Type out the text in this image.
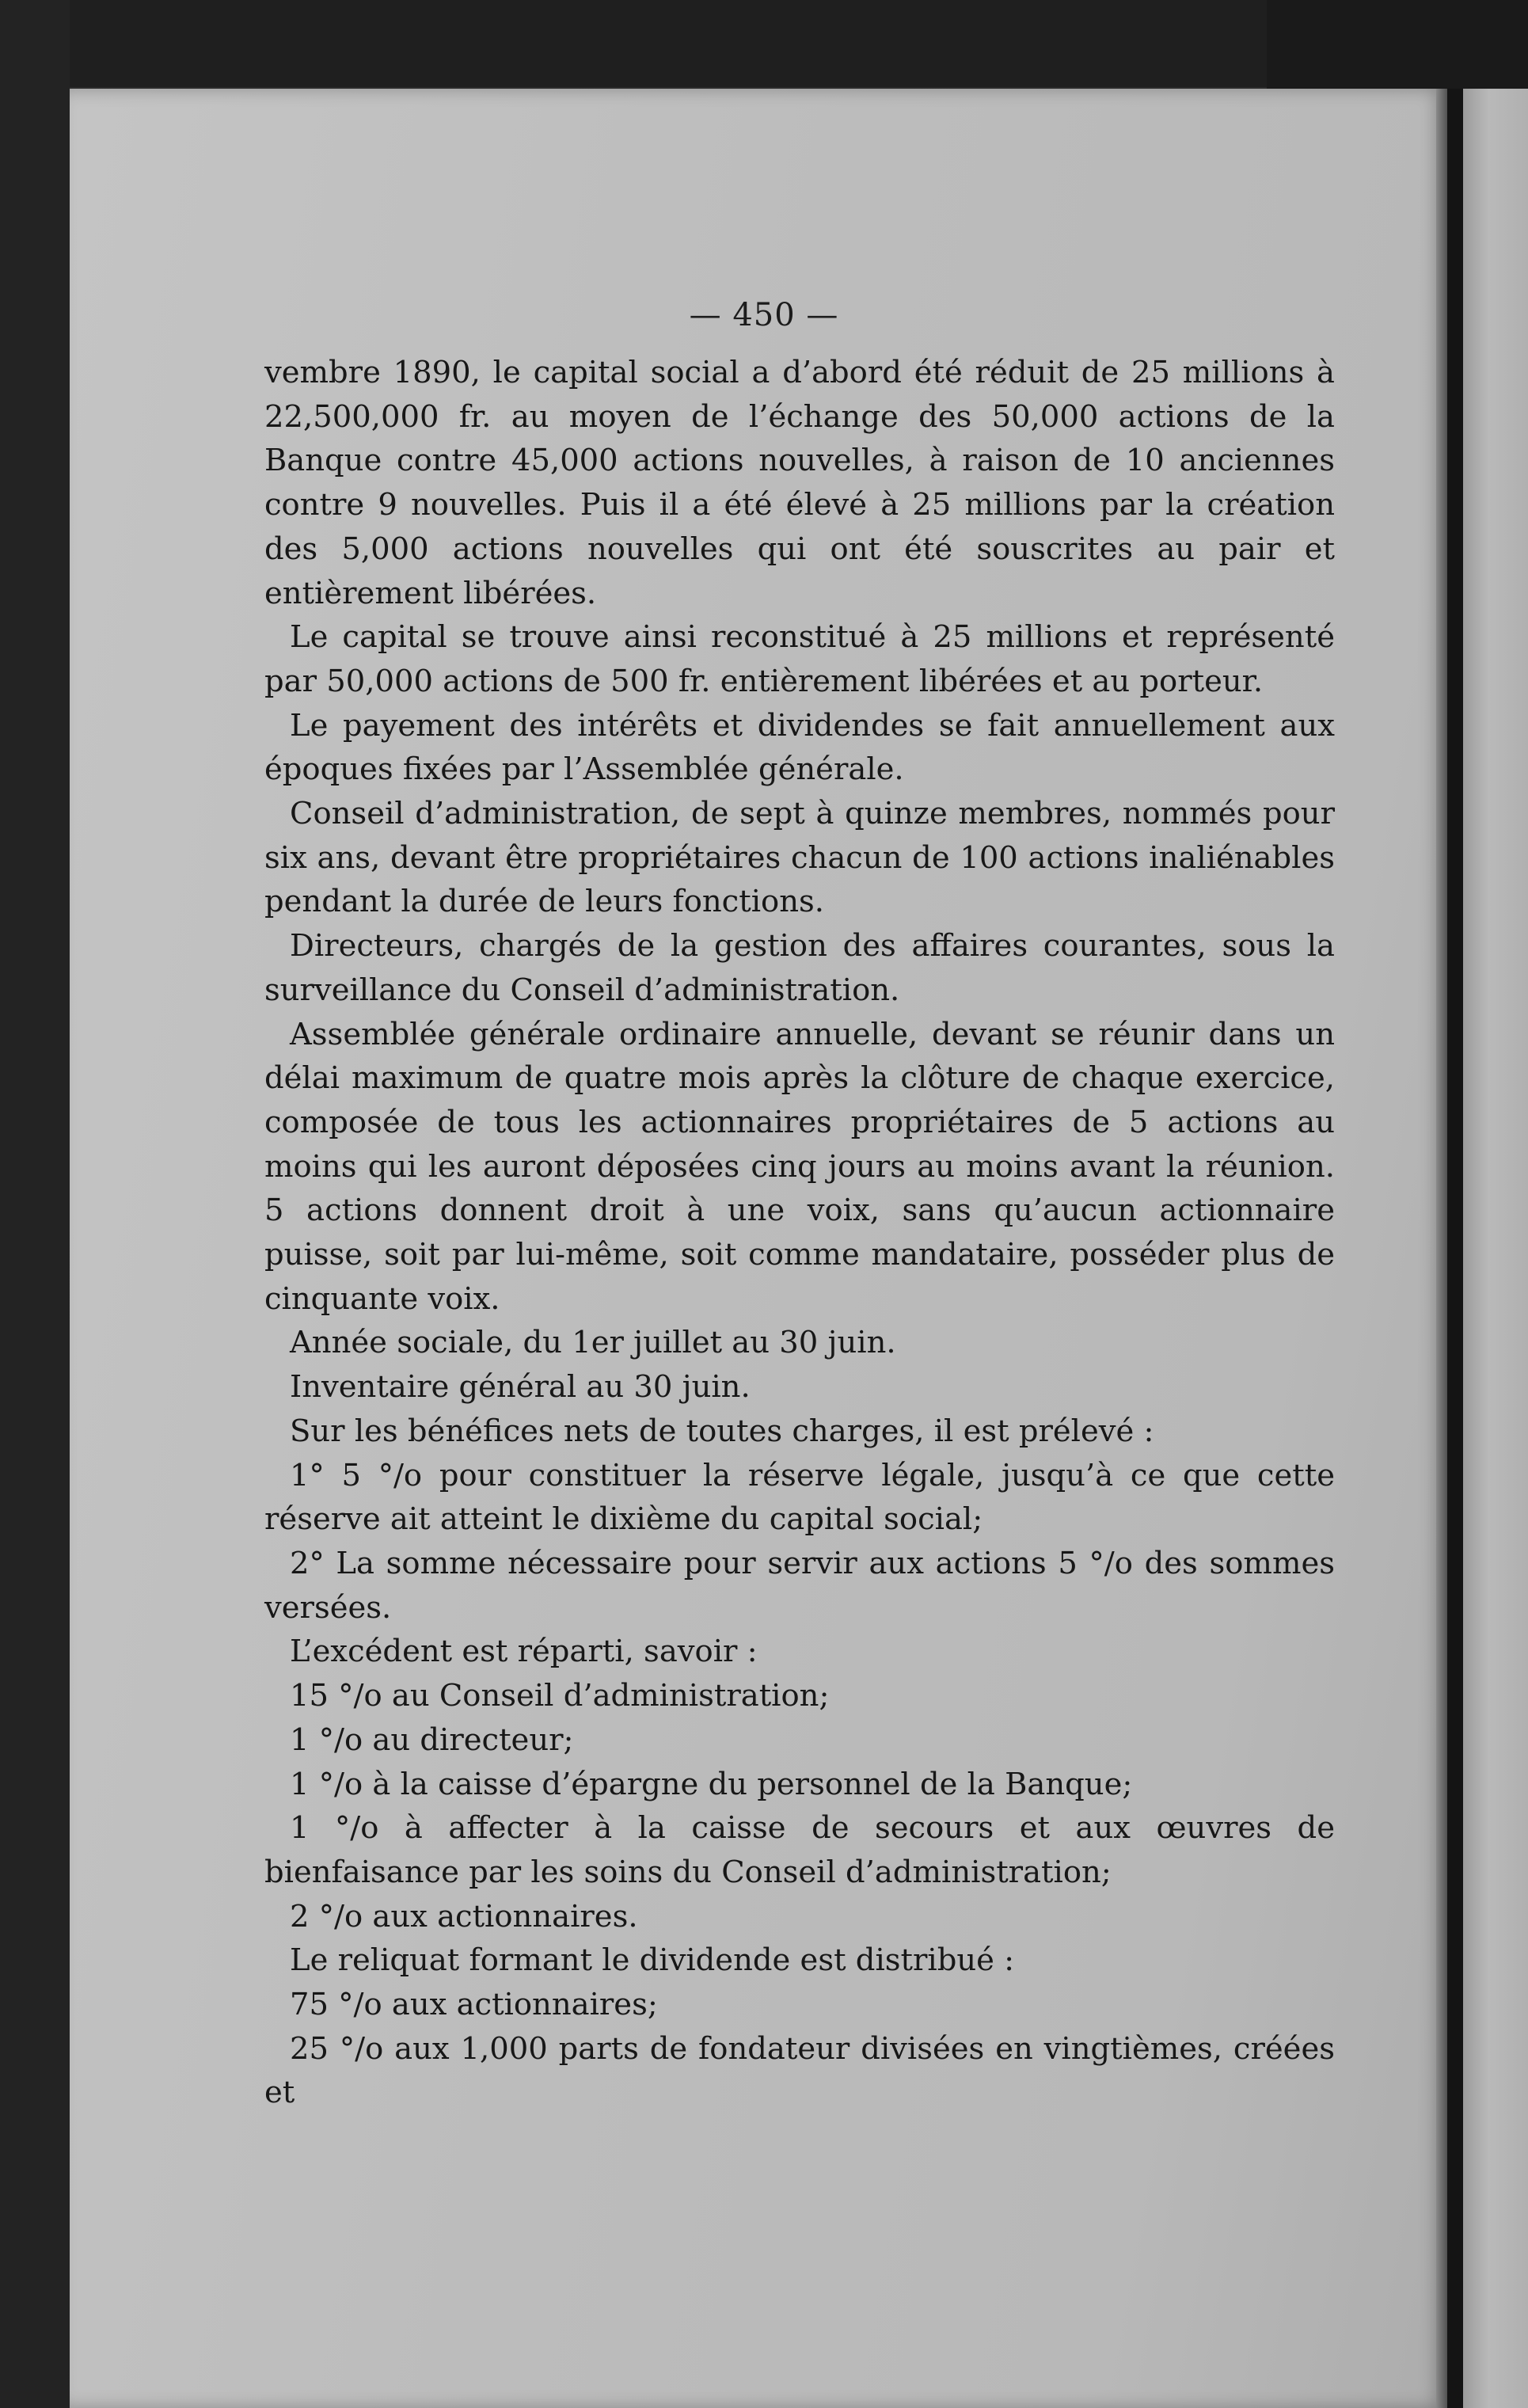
— 450 —

vembre 1890, le capital social a d’abord été réduit de 25 millions à 22,500,000 fr. au moyen de l’échange des 50,000 actions de la Banque contre 45,000 actions nouvelles, à raison de 10 anciennes contre 9 nouvelles. Puis il a été élevé à 25 millions par la création des 5,000 actions nouvelles qui ont été souscrites au pair et entièrement libérées.

Le capital se trouve ainsi reconstitué à 25 millions et représenté par 50,000 actions de 500 fr. entièrement libérées et au porteur.

Le payement des intérêts et dividendes se fait annuellement aux époques fixées par l’Assemblée générale.

Conseil d’administration, de sept à quinze membres, nommés pour six ans, devant être propriétaires chacun de 100 actions inaliénables pendant la durée de leurs fonctions.

Directeurs, chargés de la gestion des affaires courantes, sous la surveillance du Conseil d’administration.

Assemblée générale ordinaire annuelle, devant se réunir dans un délai maximum de quatre mois après la clôture de chaque exercice, composée de tous les actionnaires propriétaires de 5 actions au moins qui les auront déposées cinq jours au moins avant la réunion. 5 actions donnent droit à une voix, sans qu’aucun actionnaire puisse, soit par lui-même, soit comme mandataire, posséder plus de cinquante voix.

Année sociale, du 1er juillet au 30 juin.

Inventaire général au 30 juin.

Sur les bénéfices nets de toutes charges, il est prélevé :

1° 5 °/o pour constituer la réserve légale, jusqu’à ce que cette réserve ait atteint le dixième du capital social;

2° La somme nécessaire pour servir aux actions 5 °/o des sommes versées.

L’excédent est réparti, savoir :

15 °/o au Conseil d’administration;

1 °/o au directeur;

1 °/o à la caisse d’épargne du personnel de la Banque;

1 °/o à affecter à la caisse de secours et aux œuvres de bienfaisance par les soins du Conseil d’administration;

2 °/o aux actionnaires.

Le reliquat formant le dividende est distribué :

75 °/o aux actionnaires;

25 °/o aux 1,000 parts de fondateur divisées en vingtièmes, créées et
